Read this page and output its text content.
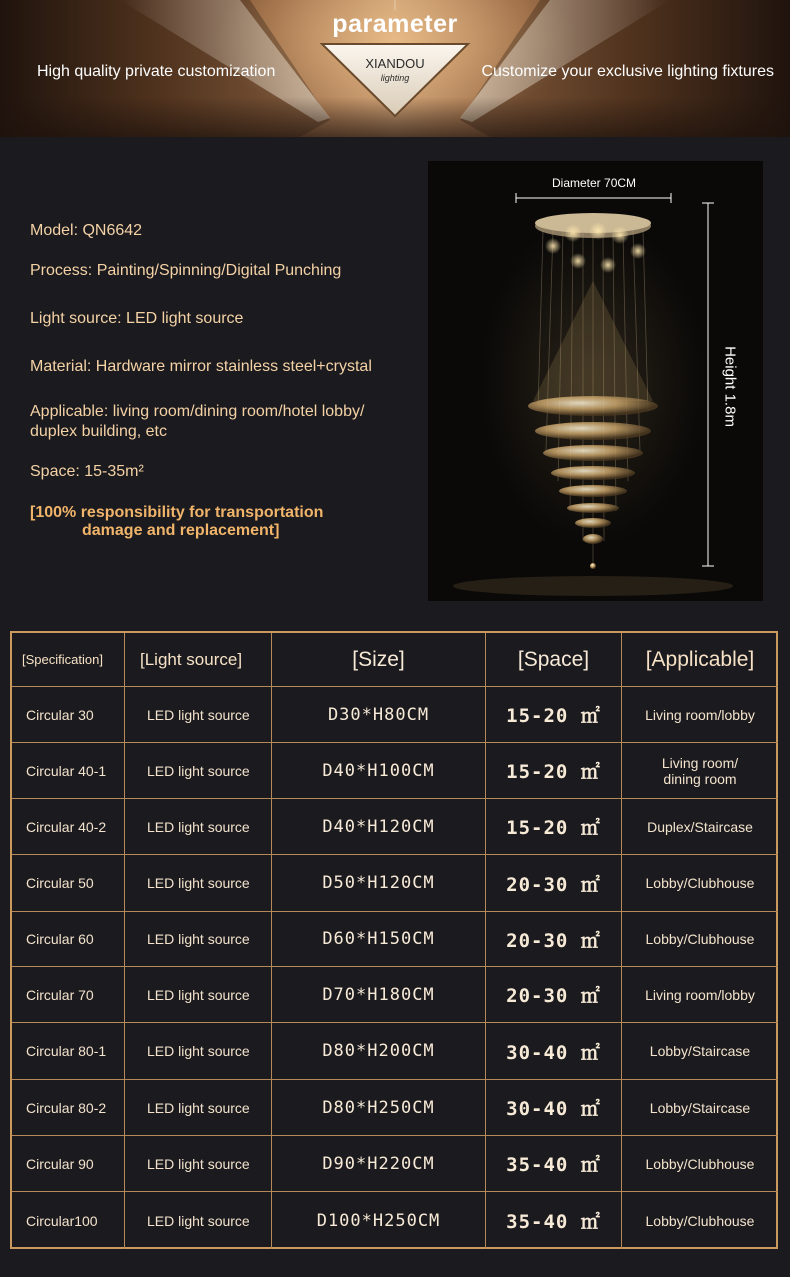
parameter
High quality private customization	Customize your exclusive lighting fixtures
XIANDOU
lighting
Model: QN6642
Process: Painting/Spinning/Digital Punching
Light source: LED light source
Material: Hardware mirror stainless steel+crystal
Applicable: living room/dining room/hotel lobby/
duplex building, etc
Space: 15-35m²
[100% responsibility for transportation
damage and replacement]
Diameter 70CM
Height 1.8m
[Specification]	[Light source]	[Size]	[Space]	[Applicable]
Circular 30	LED light source	D30*H80CM	15-20 ㎡	Living room/lobby
Circular 40-1	LED light source	D40*H100CM	15-20 ㎡	Living room/
dining room
Circular 40-2	LED light source	D40*H120CM	15-20 ㎡	Duplex/Staircase
Circular 50	LED light source	D50*H120CM	20-30 ㎡	Lobby/Clubhouse
Circular 60	LED light source	D60*H150CM	20-30 ㎡	Lobby/Clubhouse
Circular 70	LED light source	D70*H180CM	20-30 ㎡	Living room/lobby
Circular 80-1	LED light source	D80*H200CM	30-40 ㎡	Lobby/Staircase
Circular 80-2	LED light source	D80*H250CM	30-40 ㎡	Lobby/Staircase
Circular 90	LED light source	D90*H220CM	35-40 ㎡	Lobby/Clubhouse
Circular100	LED light source	D100*H250CM	35-40 ㎡	Lobby/Clubhouse
